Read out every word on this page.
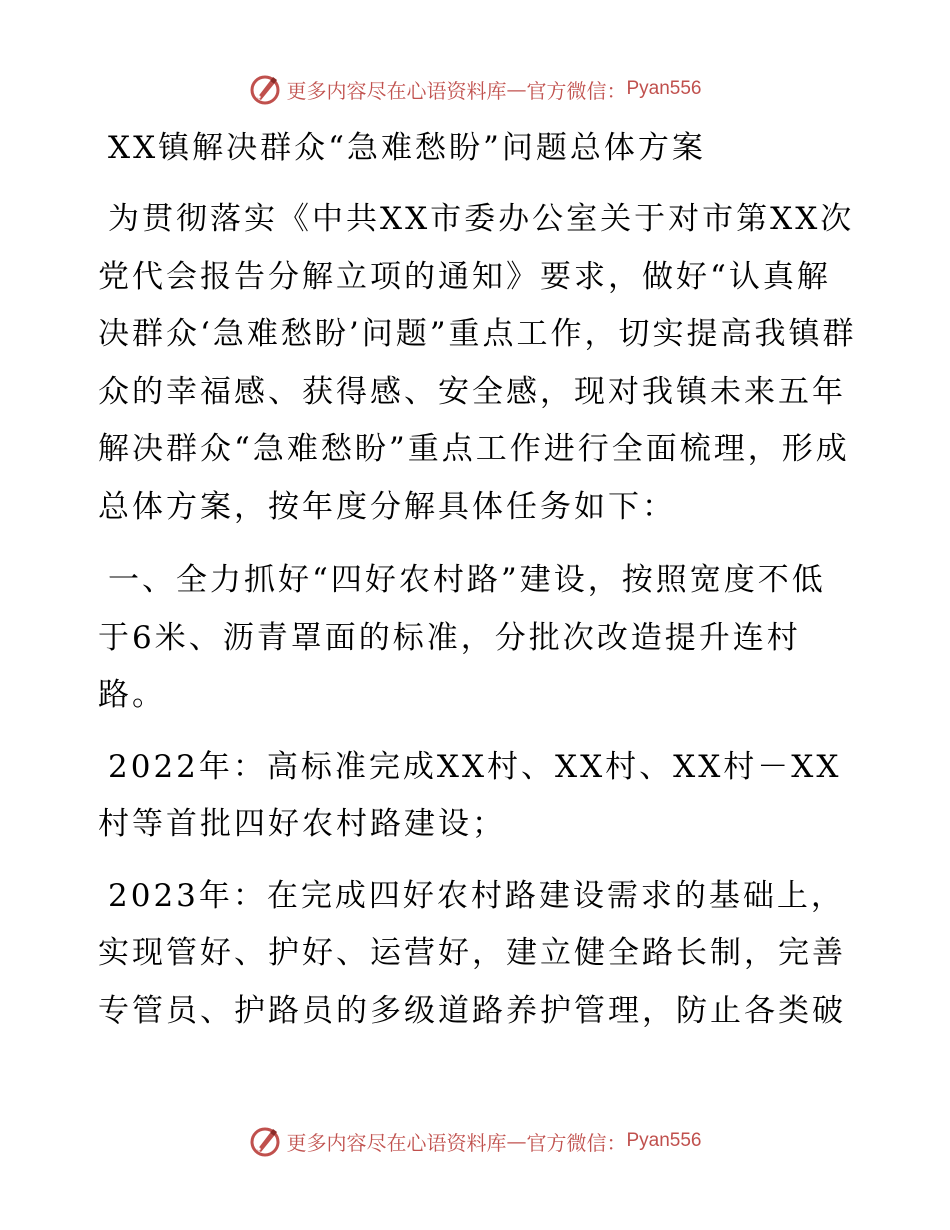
更多内容尽在心语资料库 — 官方微信： Pyan556
XX镇解决群众“急难愁盼”问题总体方案

为贯彻落实《中共XX市委办公室关于对市第XX次党代会报告分解立项的通知》要求，做好“认真解决群众‘急难愁盼’问题”重点工作，切实提高我镇群众的幸福感、获得感、安全感，现对我镇未来五年解决群众“急难愁盼”重点工作进行全面梳理，形成总体方案，按年度分解具体任务如下：

一、全力抓好“四好农村路”建设，按照宽度不低于6米、沥青罩面的标准，分批次改造提升连村路。

2022年：高标准完成XX村、XX村、XX村－XX村等首批四好农村路建设；

2023年：在完成四好农村路建设需求的基础上，实现管好、护好、运营好，建立健全路长制，完善专管员、护路员的多级道路养护管理，防止各类破

更多内容尽在心语资料库 — 官方微信： Pyan556
